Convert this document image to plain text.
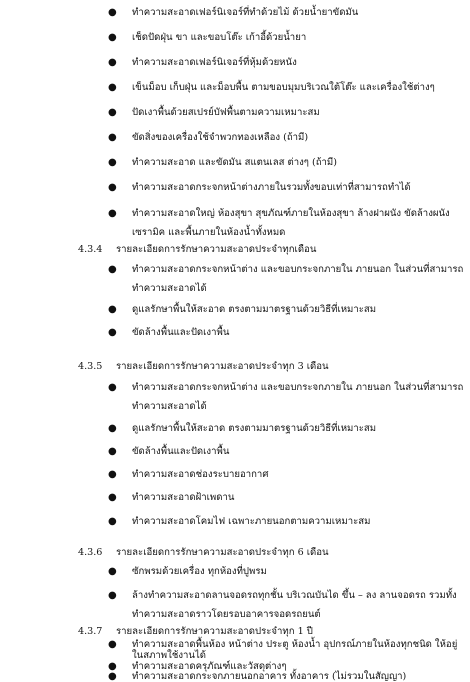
● ทำความสะอาดเฟอร์นิเจอร์ที่ทำด้วยไม้ ด้วยน้ำยาขัดมัน
● เช็ดปัดฝุ่น ขา และขอบโต๊ะ เก้าอี้ด้วยน้ำยา
● ทำความสะอาดเฟอร์นิเจอร์ที่หุ้มด้วยหนัง
● เข็นม็อบ เก็บฝุ่น และม็อบพื้น ตามขอบมุมบริเวณใต้โต๊ะ และเครื่องใช้ต่างๆ
● ปัดเงาพื้นด้วยสเปรย์บัฟพื้นตามความเหมาะสม
● ขัดสิ่งของเครื่องใช้จำพวกทองเหลือง (ถ้ามี)
● ทำความสะอาด และขัดมัน สแตนเลส ต่างๆ (ถ้ามี)
● ทำความสะอาดกระจกหน้าต่างภายในรวมทั้งขอบเท่าที่สามารถทำได้
● ทำความสะอาดใหญ่ ห้องสุขา สุขภัณฑ์ภายในห้องสุขา ล้างฝาผนัง ขัดล้างผนัง
เซรามิค และพื้นภายในห้องน้ำทั้งหมด
4.3.4 รายละเอียดการรักษาความสะอาดประจำทุกเดือน
● ทำความสะอาดกระจกหน้าต่าง และขอบกระจกภายใน ภายนอก ในส่วนที่สามารถ
ทำความสะอาดได้
● ดูแลรักษาพื้นให้สะอาด ตรงตามมาตรฐานด้วยวิธีที่เหมาะสม
● ขัดล้างพื้นและปัดเงาพื้น
4.3.5 รายละเอียดการรักษาความสะอาดประจำทุก 3 เดือน
● ทำความสะอาดกระจกหน้าต่าง และขอบกระจกภายใน ภายนอก ในส่วนที่สามารถ
ทำความสะอาดได้
● ดูแลรักษาพื้นให้สะอาด ตรงตามมาตรฐานด้วยวิธีที่เหมาะสม
● ขัดล้างพื้นและปัดเงาพื้น
● ทำความสะอาดช่องระบายอากาศ
● ทำความสะอาดฝ้าเพดาน
● ทำความสะอาดโคมไฟ เฉพาะภายนอกตามความเหมาะสม
4.3.6 รายละเอียดการรักษาความสะอาดประจำทุก 6 เดือน
● ซักพรมด้วยเครื่อง ทุกห้องที่ปูพรม
● ล้างทำความสะอาดลานจอดรถทุกชั้น บริเวณบันได ขึ้น – ลง ลานจอดรถ รวมทั้ง
ทำความสะอาดราวโดยรอบอาคารจอดรถยนต์
4.3.7 รายละเอียดการรักษาความสะอาดประจำทุก 1 ปี
● ทำความสะอาดพื้นห้อง หน้าต่าง ประตู ห้องน้ำ อุปกรณ์ภายในห้องทุกชนิด ให้อยู่
ในสภาพใช้งานได้
● ทำความสะอาดครุภัณฑ์และวัสดุต่างๆ
● ทำความสะอาดกระจกภายนอกอาคาร ทั้งอาคาร (ไม่รวมในสัญญา)
